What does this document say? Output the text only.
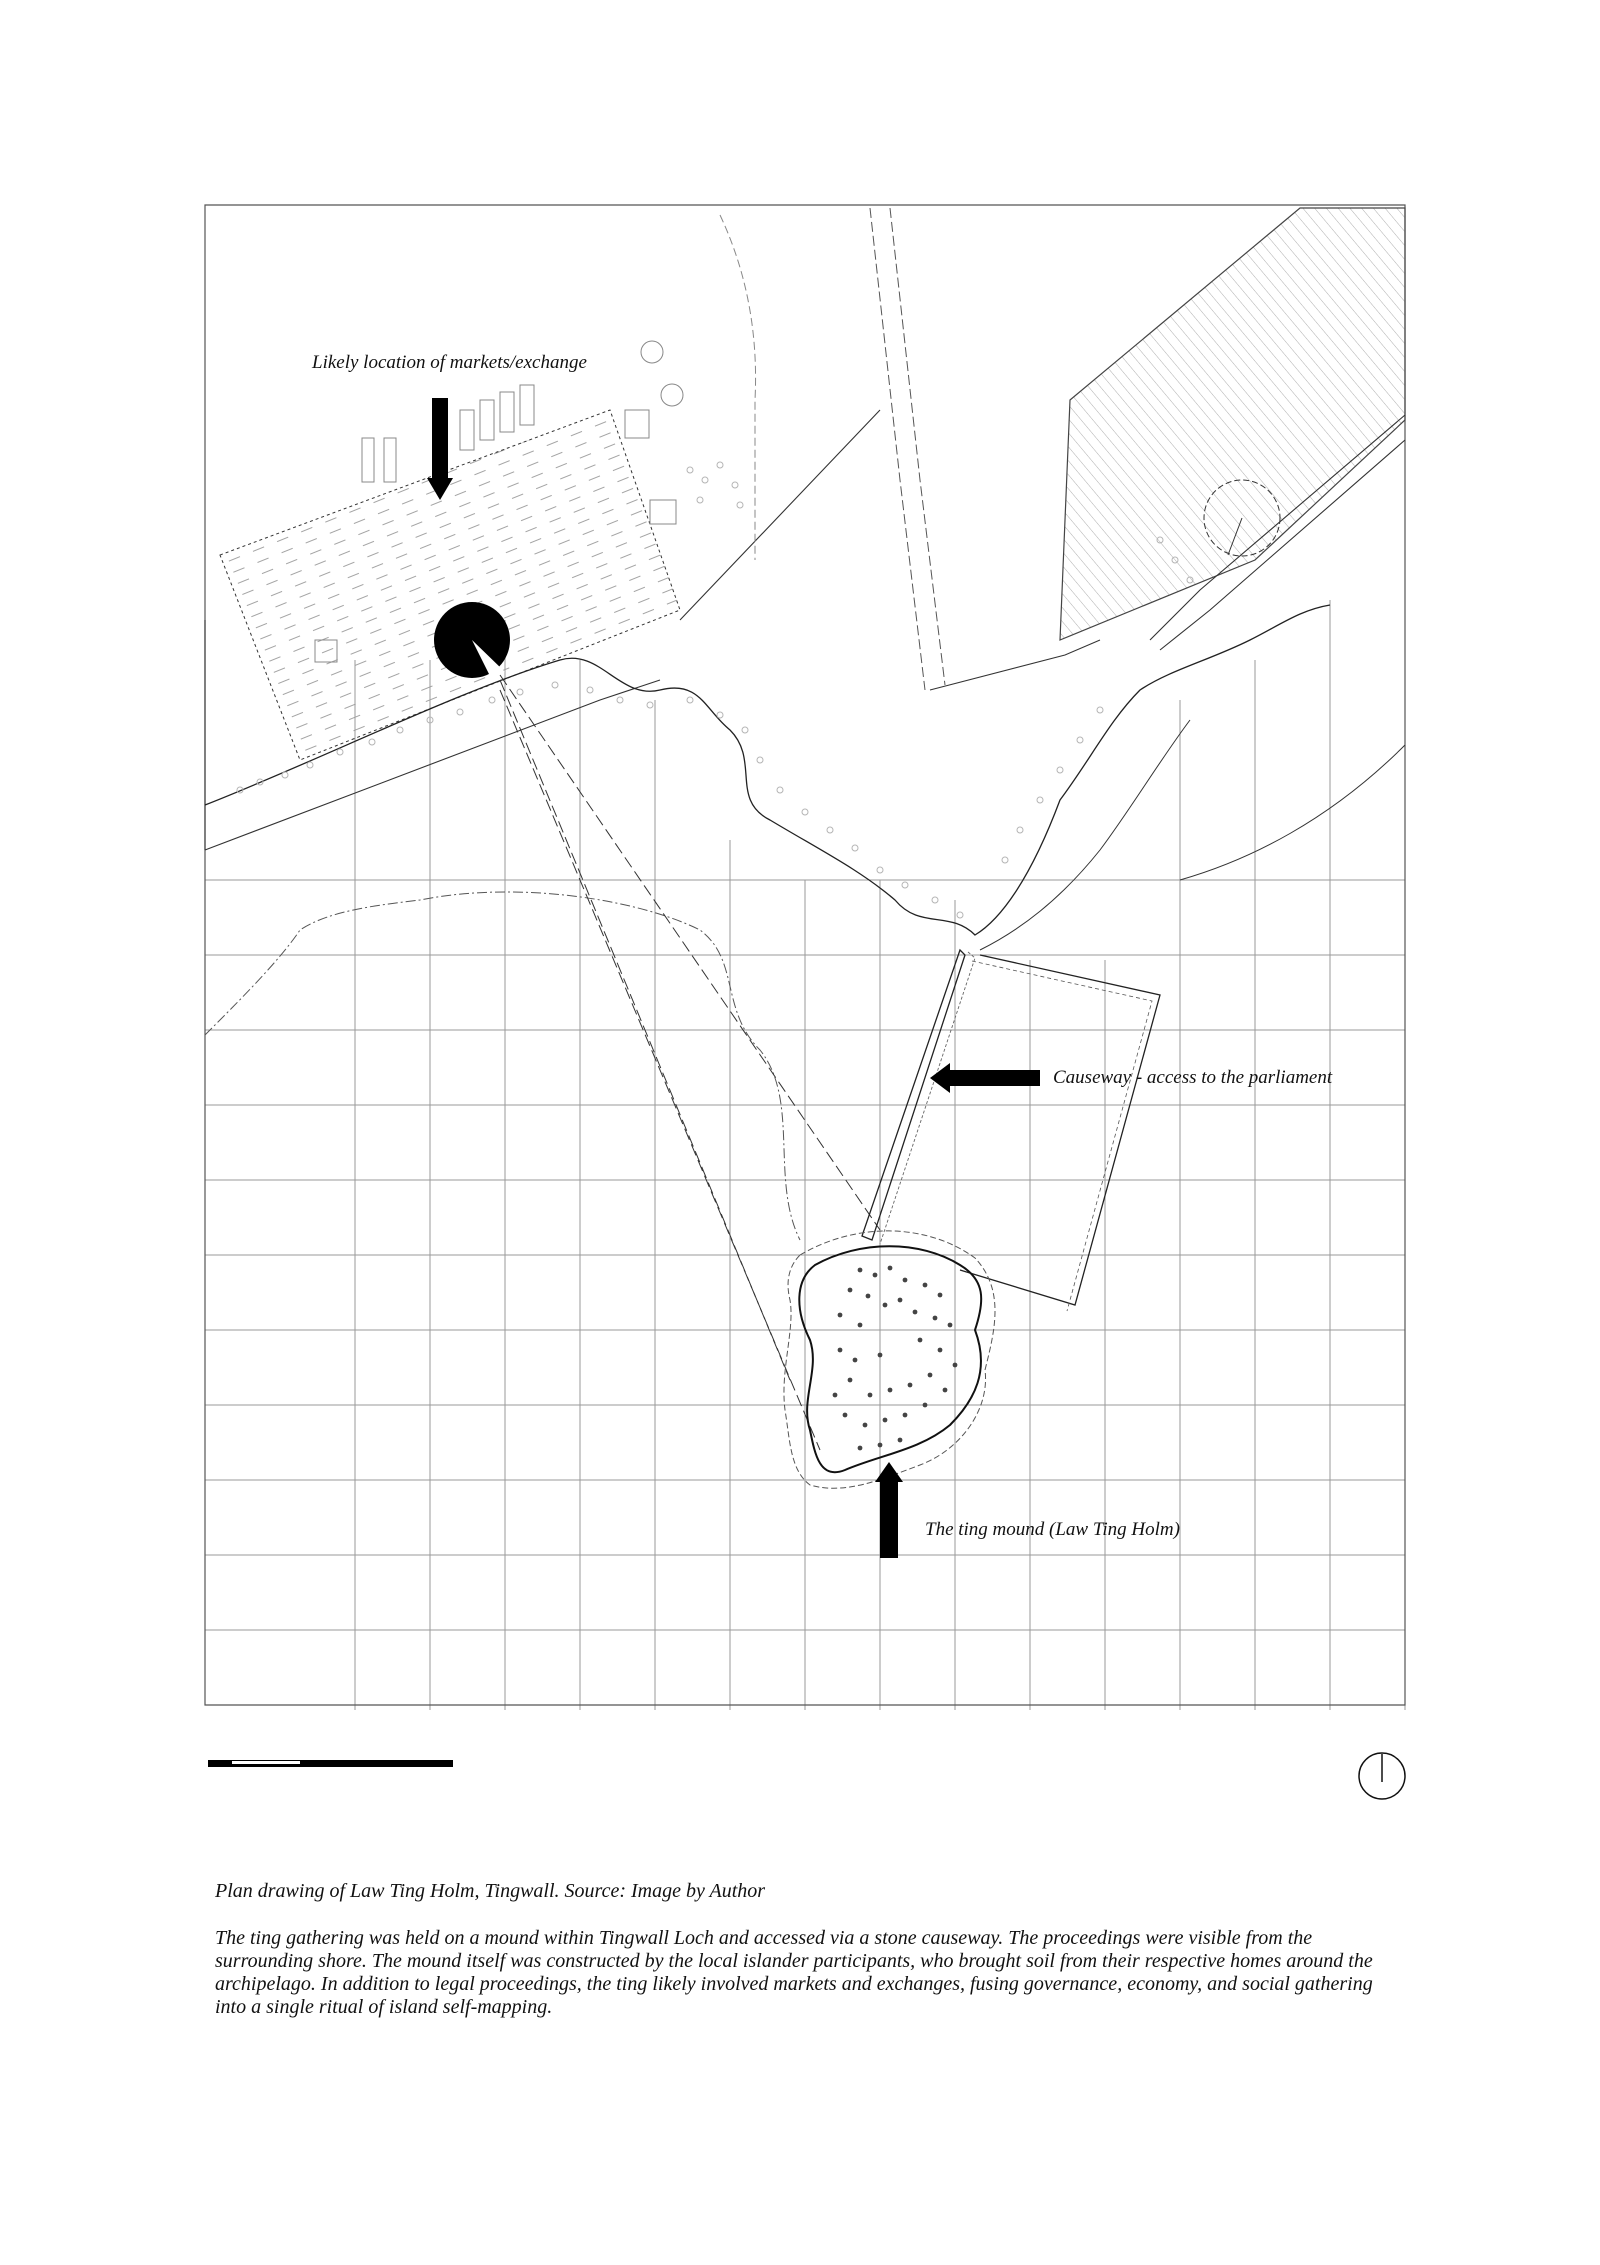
Likely location of markets/exchange
Causeway - access to the parliament
The ting mound (Law Ting Holm)

Plan drawing of Law Ting Holm, Tingwall. Source: Image by Author

The ting gathering was held on a mound within Tingwall Loch and accessed via a stone causeway. The proceedings were visible from the surrounding shore. The mound itself was constructed by the local islander participants, who brought soil from their respective homes around the archipelago. In addition to legal proceedings, the ting likely involved markets and exchanges, fusing governance, economy, and social gathering into a single ritual of island self-mapping.
